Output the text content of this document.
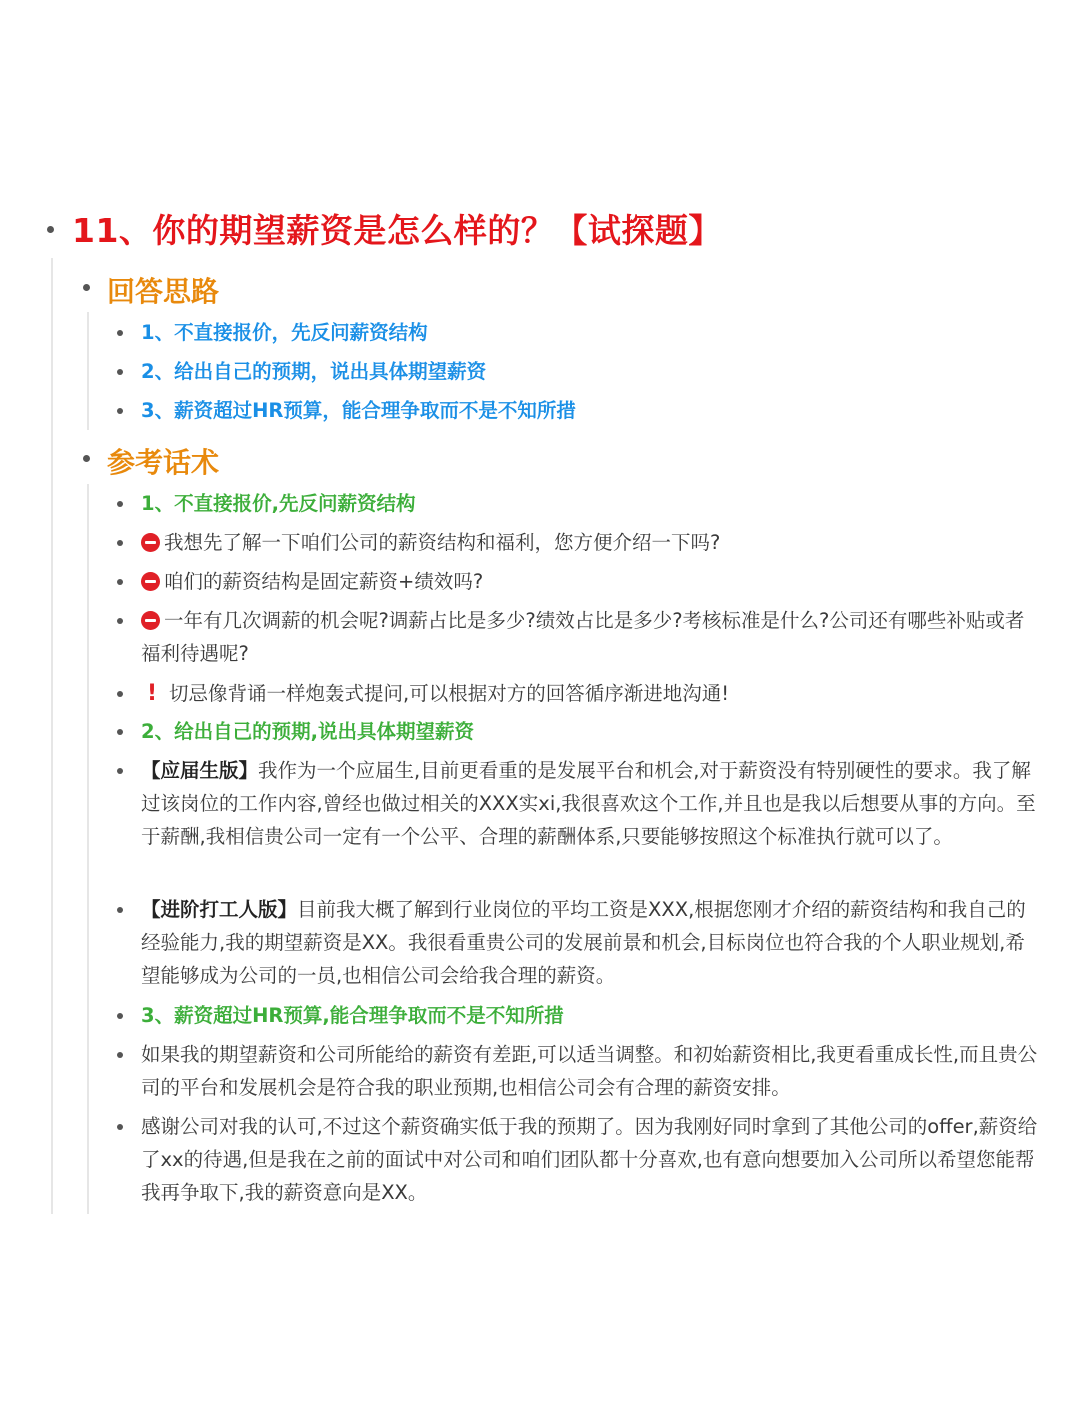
11、你的期望薪资是怎么样的？【试探题】
回答思路
1、不直接报价，先反问薪资结构
2、给出自己的预期，说出具体期望薪资
3、薪资超过HR预算，能合理争取而不是不知所措
参考话术
1、不直接报价,先反问薪资结构
我想先了解一下咱们公司的薪资结构和福利，您方便介绍一下吗?
咱们的薪资结构是固定薪资+绩效吗?
一年有几次调薪的机会呢?调薪占比是多少?绩效占比是多少?考核标准是什么?公司还有哪些补贴或者福利待遇呢?
! 切忌像背诵一样炮轰式提问,可以根据对方的回答循序渐进地沟通!
2、给出自己的预期,说出具体期望薪资
【应届生版】我作为一个应届生,目前更看重的是发展平台和机会,对于薪资没有特别硬性的要求。我了解过该岗位的工作内容,曾经也做过相关的XXX实xi,我很喜欢这个工作,并且也是我以后想要从事的方向。至于薪酬,我相信贵公司一定有一个公平、合理的薪酬体系,只要能够按照这个标准执行就可以了。
【进阶打工人版】目前我大概了解到行业岗位的平均工资是XXX,根据您刚才介绍的薪资结构和我自己的经验能力,我的期望薪资是XX。我很看重贵公司的发展前景和机会,目标岗位也符合我的个人职业规划,希望能够成为公司的一员,也相信公司会给我合理的薪资。
3、薪资超过HR预算,能合理争取而不是不知所措
如果我的期望薪资和公司所能给的薪资有差距,可以适当调整。和初始薪资相比,我更看重成长性,而且贵公司的平台和发展机会是符合我的职业预期,也相信公司会有合理的薪资安排。
感谢公司对我的认可,不过这个薪资确实低于我的预期了。因为我刚好同时拿到了其他公司的offer,薪资给了xx的待遇,但是我在之前的面试中对公司和咱们团队都十分喜欢,也有意向想要加入公司所以希望您能帮我再争取下,我的薪资意向是XX。
